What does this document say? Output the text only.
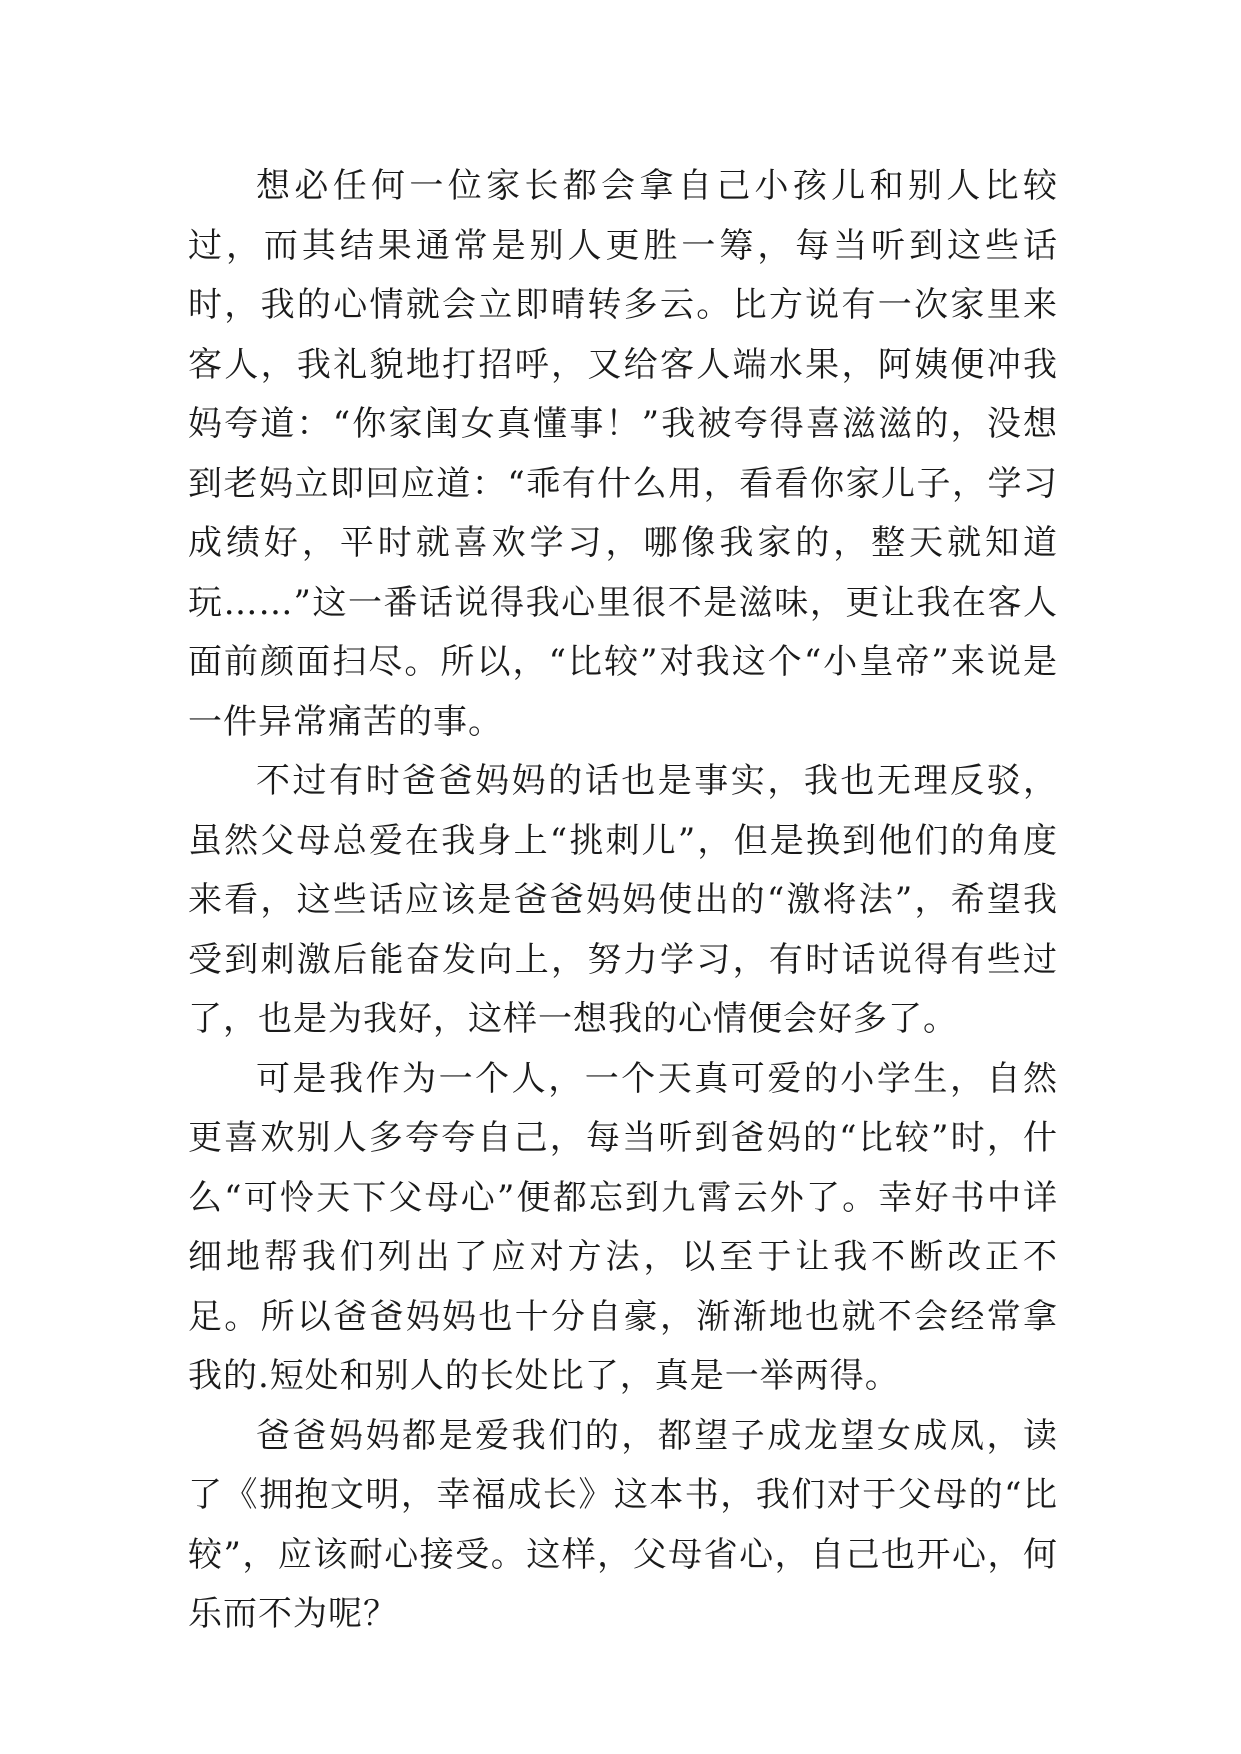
想必任何一位家长都会拿自己小孩儿和别人比较过，而其结果通常是别人更胜一筹，每当听到这些话时，我的心情就会立即晴转多云。比方说有一次家里来客人，我礼貌地打招呼，又给客人端水果，阿姨便冲我妈夸道：“你家闺女真懂事！”我被夸得喜滋滋的，没想到老妈立即回应道：“乖有什么用，看看你家儿子，学习成绩好，平时就喜欢学习，哪像我家的，整天就知道玩……”这一番话说得我心里很不是滋味，更让我在客人面前颜面扫尽。所以，“比较”对我这个“小皇帝”来说是一件异常痛苦的事。

不过有时爸爸妈妈的话也是事实，我也无理反驳，虽然父母总爱在我身上“挑刺儿”，但是换到他们的角度来看，这些话应该是爸爸妈妈使出的“激将法”，希望我受到刺激后能奋发向上，努力学习，有时话说得有些过了，也是为我好，这样一想我的心情便会好多了。

可是我作为一个人，一个天真可爱的小学生，自然更喜欢别人多夸夸自己，每当听到爸妈的“比较”时，什么“可怜天下父母心”便都忘到九霄云外了。幸好书中详细地帮我们列出了应对方法，以至于让我不断改正不足。所以爸爸妈妈也十分自豪，渐渐地也就不会经常拿我的.短处和别人的长处比了，真是一举两得。

爸爸妈妈都是爱我们的，都望子成龙望女成凤，读了《拥抱文明，幸福成长》这本书，我们对于父母的“比较”，应该耐心接受。这样，父母省心，自己也开心，何乐而不为呢？
